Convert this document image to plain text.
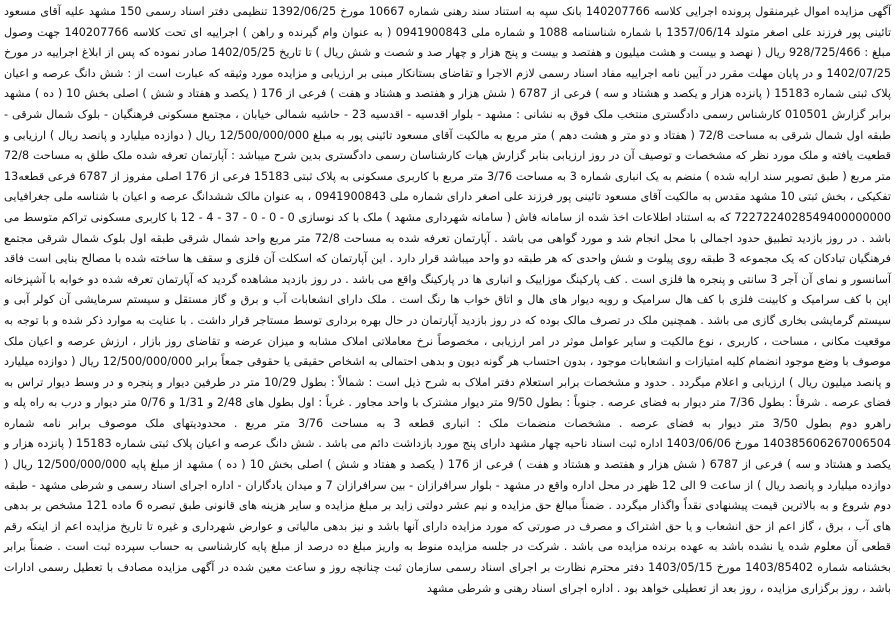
آگهی مزایده اموال غیرمنقول پرونده اجرایی کلاسه 140207766 بانک سپه به استناد سند رهنی شماره 10667 مورخ 1392/06/25 تنظیمی دفتر اسناد رسمی 150 مشهد علیه آقای مسعود تائینی پور فرزند علی اصغر متولد 1357/06/14 با شماره شناسنامه 1088 و شماره ملی 0941900843 ( به عنوان وام گیرنده و راهن ) اجراییه ای تحت کلاسه 140207766 جهت وصول مبلغ : 928/725/466 ریال ( نهصد و بیست و هشت میلیون و هفتصد و بیست و پنج هزار و چهار صد و شصت و شش ریال ) تا تاریخ 1402/05/25 صادر نموده که پس از ابلاغ اجراییه در مورخ 1402/07/25 و در پایان مهلت مقرر در آیین نامه اجراییه مفاد اسناد رسمی لازم الاجرا و تقاضای بستانکار مبنی بر ارزیابی و مزایده مورد وثیقه که عبارت است از : شش دانگ عرصه و اعیان پلاک ثبتی شماره 15183 ( پانزده هزار و یکصد و هشتاد و سه ) فرعی از 6787 ( شش هزار و هفتصد و هشتاد و هفت ) فرعی از 176 ( یکصد و هفتاد و شش ) اصلی بخش 10 ( ده ) مشهد برابر گزارش 010501 کارشناس رسمی دادگستری منتخب ملک فوق به نشانی : مشهد - بلوار اقدسیه - اقدسیه 23 - حاشیه شمالی خیابان ، مجتمع مسکونی فرهنگیان - بلوک شمال شرقی - طبقه اول شمال شرقی به مساحت 72/8 ( هفتاد و دو متر و هشت دهم ) متر مربع به مالکیت آقای مسعود تائینی پور به مبلغ 12/500/000/000 ریال ( دوازده میلیارد و پانصد ریال ) ارزیابی و قطعیت یافته و ملک مورد نظر که مشخصات و توصیف آن در روز ارزیابی بنابر گزارش هیات کارشناسان رسمی دادگستری بدین شرح میباشد : آپارتمان تعرفه شده ملک طلق به مساحت 72/8 متر مربع ( طبق تصویر سند ارایه شده ) منضم به یک انباری شماره 3 به مساحت 3/76 متر مربع با کاربری مسکونی به پلاک ثبتی 15183 فرعی از 176 اصلی مفروز از 6787 فرعی قطعه13 تفکیکی ، بخش ثبتی 10 مشهد مقدس به مالکیت آقای مسعود تائینی پور فرزند علی اصغر دارای شماره ملی 0941900843 ، به عنوان مالک ششدانگ عرصه و اعیان با شناسه ملی جغرافیایی 7227224028549400000000 که به استناد اطلاعات اخذ شده از سامانه فاش ( سامانه شهرداری مشهد ) ملک با کد نوسازی 0 - 0 - 0 - 37 - 4 - 12 با کاربری مسکونی تراکم متوسط می باشد . در روز بازدید تطبیق حدود اجمالی با محل انجام شد و مورد گواهی می باشد . آپارتمان تعرفه شده به مساحت 72/8 متر مربع واحد شمال شرقی طبقه اول بلوک شمال شرقی مجتمع فرهنگیان تبادکان که یک مجموعه 3 طبقه روی پیلوت و شش واحدی که هر طبقه دو واحد میباشد قرار دارد . این آپارتمان که اسکلت آن فلزی و سقف ها ساخته شده با مصالح بنایی است فاقد آسانسور و نمای آن آجر 3 سانتی و پنجره ها فلزی است . کف پارکینگ موزاییک و انباری ها در پارکینگ واقع می باشد . در روز بازدید مشاهده گردید که آپارتمان تعرفه شده دو خوابه با آشپزخانه اپن با کف سرامیک و کابینت فلزی با کف هال سرامیک و رویه دیوار های هال و اتاق خواب ها رنگ است . ملک دارای انشعابات آب و برق و گاز مستقل و سیستم سرمایشی آن کولر آبی و سیستم گرمایشی بخاری گازی می باشد . همچنین ملک در تصرف مالک بوده که در روز بازدید آپارتمان در حال بهره برداری توسط مستاجر قرار داشت . با عنایت به موارد ذکر شده و با توجه به موقعیت مکانی ، مساحت ، کاربری ، نوع مالکیت و سایر عوامل موثر در امر ارزیابی ، مخصوصاً نرخ معاملاتی املاک مشابه و میزان عرضه و تقاضای روز بازار ، ارزش عرصه و اعیان ملک موصوف با وضع موجود انضمام کلیه امتیازات و انشعابات موجود ، بدون احتساب هر گونه دیون و بدهی احتمالی به اشخاص حقیقی یا حقوقی جمعاً برابر 12/500/000/000 ریال ( دوازده میلیارد و پانصد میلیون ریال ) ارزیابی و اعلام میگردد . حدود و مشخصات برابر استعلام دفتر املاک به شرح ذیل است : شمالاً : بطول 10/29 متر در طرفین دیوار و پنجره و در وسط دیوار تراس به فضای عرصه . شرقاً : بطول 7/36 متر دیوار به فضای عرصه . جنوباً : بطول 9/50 متر دیوار مشترک با واحد مجاور . غرباً : اول بطول های 2/48 و 1/31 و 0/76 متر دیوار و درب به راه پله و راهرو دوم بطول 3/50 متر دیوار به فضای عرصه . مشخصات منضمات ملک : انباری قطعه 3 به مساحت 3/76 متر مربع . محدودیتهای ملک موصوف برابر نامه شماره 140385606267006504 مورخ 1403/06/06 اداره ثبت اسناد ناحیه چهار مشهد دارای پنج مورد بازداشت دائم می باشد . شش دانگ عرصه و اعیان پلاک ثبتی شماره 15183 ( پانزده هزار و یکصد و هشتاد و سه ) فرعی از 6787 ( شش هزار و هفتصد و هشتاد و هفت ) فرعی از 176 ( یکصد و هفتاد و شش ) اصلی بخش 10 ( ده ) مشهد از مبلغ پایه 12/500/000/000 ریال ( دوازده میلیارد و پانصد ریال ) از ساعت 9 الی 12 ظهر در محل اداره واقع در مشهد - بلوار سرافرازان - بین سرافرازان 7 و میدان یادگاران - اداره اجرای اسناد رسمی و شرطی مشهد - طبقه دوم شروع و به بالاترین قیمت پیشنهادی نقداً واگذار میگردد . ضمناً مبالغ حق مزایده و نیم عشر دولتی زاید بر مبلغ مزایده و سایر هزینه های قانونی طبق تبصره 6 ماده 121 مشخص بر بدهی های آب ، برق ، گاز اعم از حق انشعاب و یا حق اشتراک و مصرف در صورتی که مورد مزایده دارای آنها باشد و نیز بدهی مالیاتی و عوارض شهرداری و غیره تا تاریخ مزایده اعم از اینکه رقم قطعی آن معلوم شده یا نشده باشد به عهده برنده مزایده می باشد . شرکت در جلسه مزایده منوط به واریز مبلغ ده درصد از مبلغ پایه کارشناسی به حساب سپرده ثبت است . ضمناً برابر بخشنامه شماره 1403/85402 مورخ 1403/05/15 دفتر محترم نظارت بر اجرای اسناد رسمی سازمان ثبت چنانچه روز و ساعت معین شده در آگهی مزایده مصادف با تعطیل رسمی ادارات باشد ، روز برگزاری مزایده ، روز بعد از تعطیلی خواهد بود . اداره اجرای اسناد رهنی و شرطی مشهد
